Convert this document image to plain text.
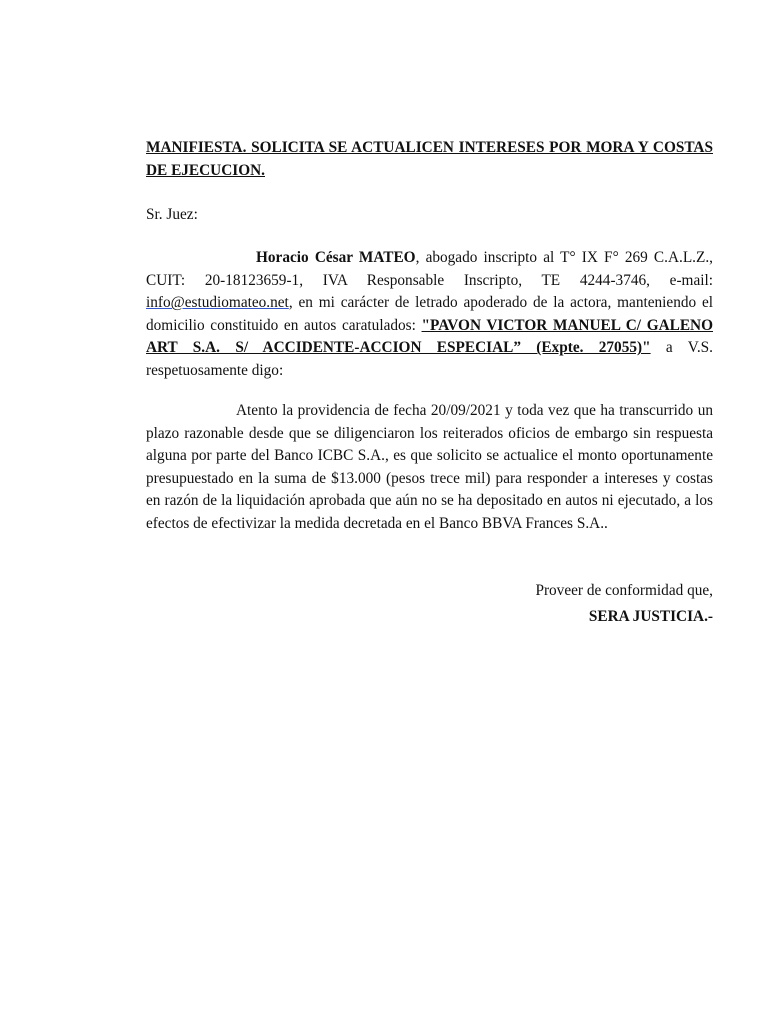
MANIFIESTA. SOLICITA SE ACTUALICEN INTERESES POR MORA Y COSTAS DE EJECUCION.

Sr. Juez:

Horacio César MATEO, abogado inscripto al T° IX F° 269 C.A.L.Z., CUIT: 20-18123659-1, IVA Responsable Inscripto, TE 4244-3746, e-mail: info@estudiomateo.net, en mi carácter de letrado apoderado de la actora, manteniendo el domicilio constituido en autos caratulados: "PAVON VICTOR MANUEL C/ GALENO ART S.A. S/ ACCIDENTE-ACCION ESPECIAL” (Expte. 27055)" a V.S. respetuosamente digo:

Atento la providencia de fecha 20/09/2021 y toda vez que ha transcurrido un plazo razonable desde que se diligenciaron los reiterados oficios de embargo sin respuesta alguna por parte del Banco ICBC S.A., es que solicito se actualice el monto oportunamente presupuestado en la suma de $13.000 (pesos trece mil) para responder a intereses y costas en razón de la liquidación aprobada que aún no se ha depositado en autos ni ejecutado, a los efectos de efectivizar la medida decretada en el Banco BBVA Frances S.A..

Proveer de conformidad que,

SERA JUSTICIA.-
